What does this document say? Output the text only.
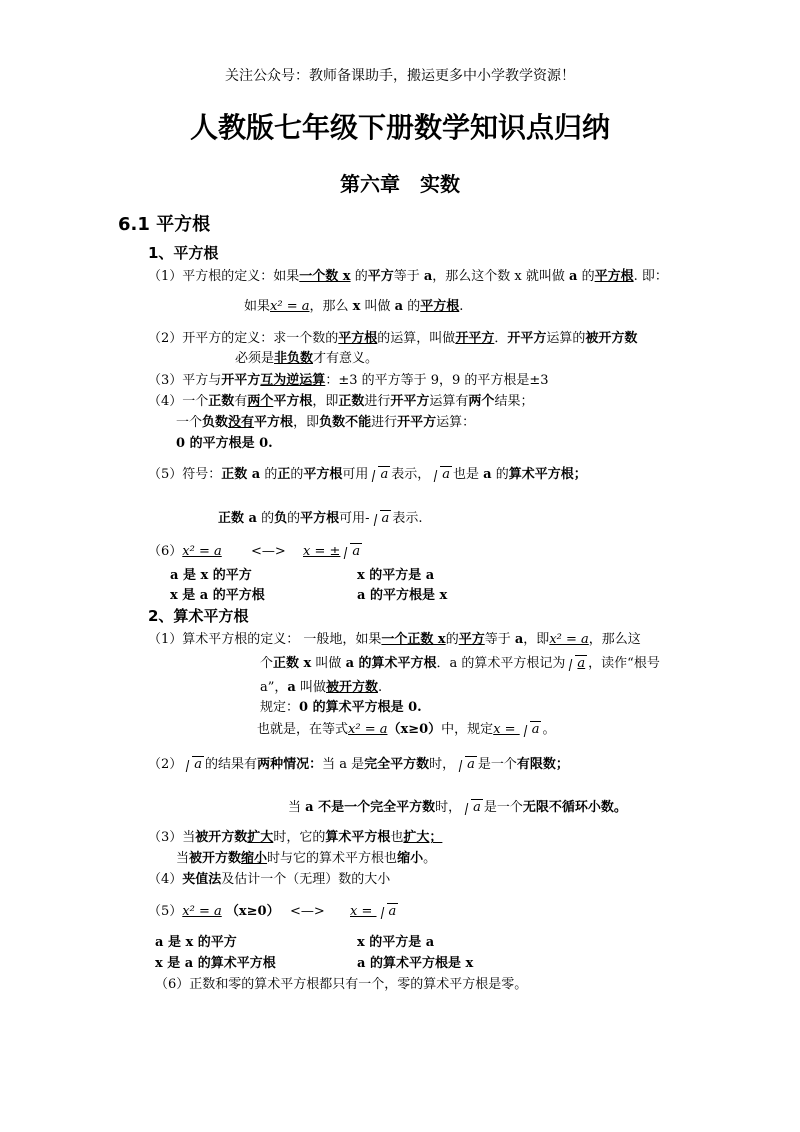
关注公众号：教师备课助手，搬运更多中小学教学资源！
人教版七年级下册数学知识点归纳
第六章　实数
6.1 平方根
1、平方根
（1）平方根的定义：如果一个数 x 的平方等于 a，那么这个数 x 就叫做 a 的平方根. 即：
如果x² = a，那么 x 叫做 a 的平方根.
（2）开平方的定义：求一个数的平方根的运算，叫做开平方．开平方运算的被开方数
必须是非负数才有意义。
（3）平方与开平方互为逆运算：±3 的平方等于 9，9 的平方根是±3
（4）一个正数有两个平方根，即正数进行开平方运算有两个结果；
一个负数没有平方根，即负数不能进行开平方运算：
0 的平方根是 0.
（5）符号：正数 a 的正的平方根可用 a 表示， a 也是 a 的算术平方根；
正数 a 的负的平方根可用- a 表示.
（6）x² = a <—> x = ± a
a 是 x 的平方	x 的平方是 a
x 是 a 的平方根	a 的平方根是 x
2、算术平方根
（1）算术平方根的定义： 一般地，如果一个正数 x的平方等于 a，即x² = a，那么这
个正数 x 叫做 a 的算术平方根．a 的算术平方根记为 a ，读作“根号
a”，a 叫做被开方数.
规定：0 的算术平方根是 0.
也就是，在等式x² = a（x≥0）中，规定x = a 。
（2） a 的结果有两种情况：当 a 是完全平方数时， a 是一个有限数；
当 a 不是一个完全平方数时， a 是一个无限不循环小数。
（3）当被开方数扩大时，它的算术平方根也扩大；
当被开方数缩小时与它的算术平方根也缩小。
（4）夹值法及估计一个（无理）数的大小
（5）x² = a （x≥0） <—> x = a
a 是 x 的平方	x 的平方是 a
x 是 a 的算术平方根	a 的算术平方根是 x
（6）正数和零的算术平方根都只有一个，零的算术平方根是零。
